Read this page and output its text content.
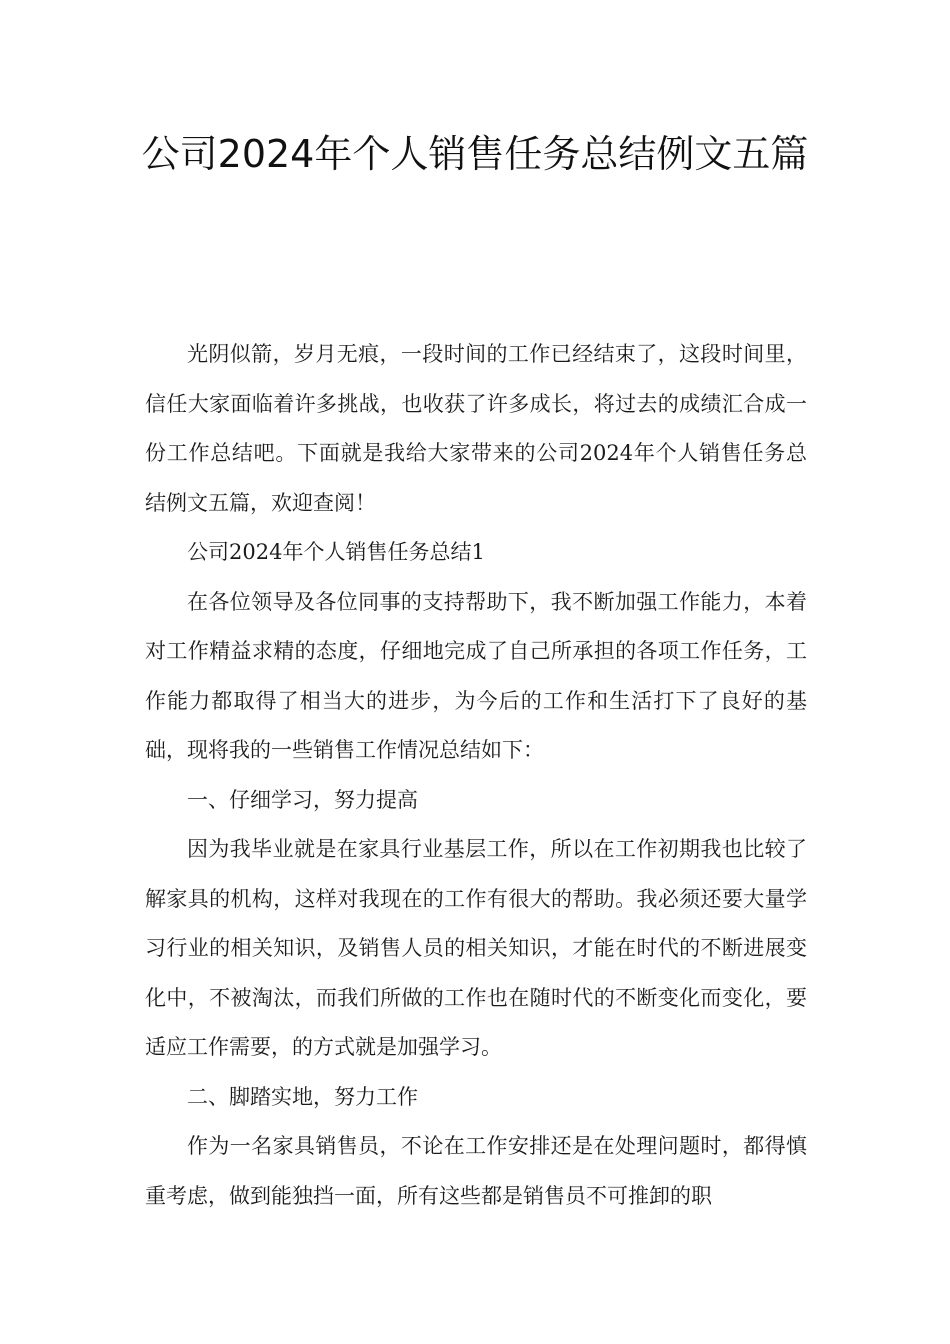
公司2024年个人销售任务总结例文五篇

光阴似箭，岁月无痕，一段时间的工作已经结束了，这段时间里，信任大家面临着许多挑战，也收获了许多成长，将过去的成绩汇合成一份工作总结吧。下面就是我给大家带来的公司2024年个人销售任务总结例文五篇，欢迎查阅！

公司2024年个人销售任务总结1

在各位领导及各位同事的支持帮助下，我不断加强工作能力，本着对工作精益求精的态度，仔细地完成了自己所承担的各项工作任务，工作能力都取得了相当大的进步，为今后的工作和生活打下了良好的基础，现将我的一些销售工作情况总结如下：

一、仔细学习，努力提高

因为我毕业就是在家具行业基层工作，所以在工作初期我也比较了解家具的机构，这样对我现在的工作有很大的帮助。我必须还要大量学习行业的相关知识，及销售人员的相关知识，才能在时代的不断进展变化中，不被淘汰，而我们所做的工作也在随时代的不断变化而变化，要适应工作需要，的方式就是加强学习。

二、脚踏实地，努力工作

作为一名家具销售员，不论在工作安排还是在处理问题时，都得慎重考虑，做到能独挡一面，所有这些都是销售员不可推卸的职
